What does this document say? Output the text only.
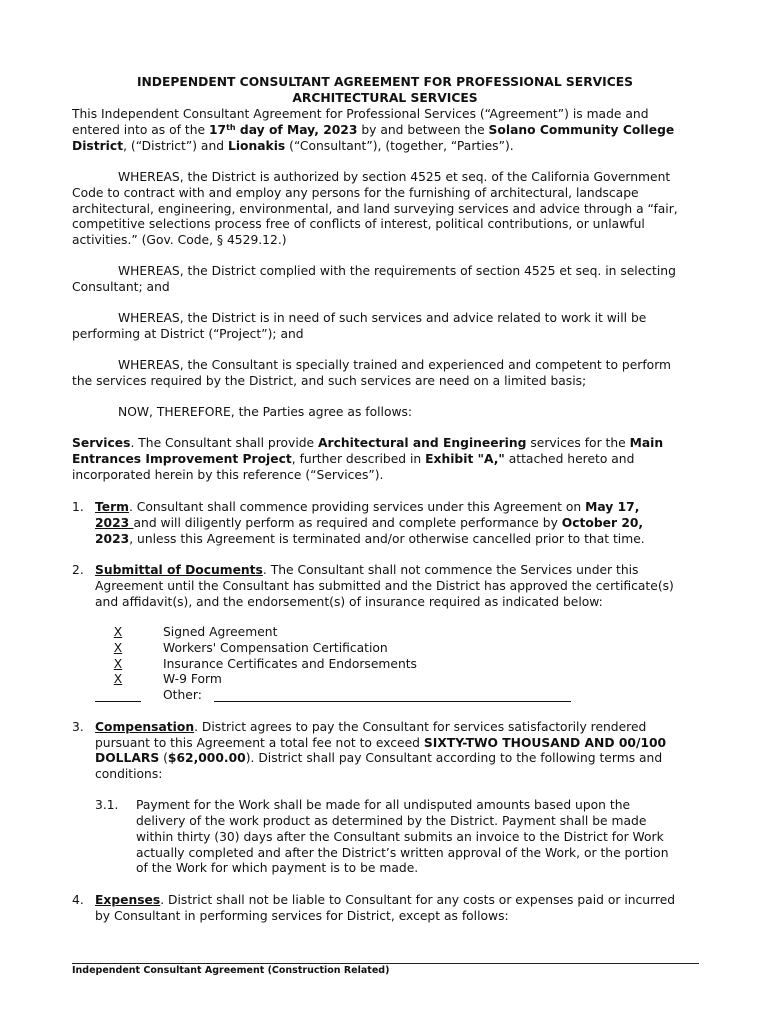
INDEPENDENT CONSULTANT AGREEMENT FOR PROFESSIONAL SERVICES
ARCHITECTURAL SERVICES
This Independent Consultant Agreement for Professional Services (“Agreement”) is made and
entered into as of the 17th day of May, 2023 by and between the Solano Community College
District, (“District”) and Lionakis (“Consultant”), (together, “Parties”).
WHEREAS, the District is authorized by section 4525 et seq. of the California Government
Code to contract with and employ any persons for the furnishing of architectural, landscape
architectural, engineering, environmental, and land surveying services and advice through a “fair,
competitive selections process free of conflicts of interest, political contributions, or unlawful
activities.” (Gov. Code, § 4529.12.)
WHEREAS, the District complied with the requirements of section 4525 et seq. in selecting
Consultant; and
WHEREAS, the District is in need of such services and advice related to work it will be
performing at District (“Project”); and
WHEREAS, the Consultant is specially trained and experienced and competent to perform
the services required by the District, and such services are need on a limited basis;
NOW, THEREFORE, the Parties agree as follows:
Services. The Consultant shall provide Architectural and Engineering services for the Main
Entrances Improvement Project, further described in Exhibit "A," attached hereto and
incorporated herein by this reference (“Services”).
1. Term. Consultant shall commence providing services under this Agreement on May 17,
2023 and will diligently perform as required and complete performance by October 20,
2023, unless this Agreement is terminated and/or otherwise cancelled prior to that time.
2. Submittal of Documents. The Consultant shall not commence the Services under this
Agreement until the Consultant has submitted and the District has approved the certificate(s)
and affidavit(s), and the endorsement(s) of insurance required as indicated below:
X	Signed Agreement
X	Workers' Compensation Certification
X	Insurance Certificates and Endorsements
X	W-9 Form
Other:
3. Compensation. District agrees to pay the Consultant for services satisfactorily rendered
pursuant to this Agreement a total fee not to exceed SIXTY-TWO THOUSAND AND 00/100
DOLLARS ($62,000.00). District shall pay Consultant according to the following terms and
conditions:
3.1. Payment for the Work shall be made for all undisputed amounts based upon the
delivery of the work product as determined by the District. Payment shall be made
within thirty (30) days after the Consultant submits an invoice to the District for Work
actually completed and after the District’s written approval of the Work, or the portion
of the Work for which payment is to be made.
4. Expenses. District shall not be liable to Consultant for any costs or expenses paid or incurred
by Consultant in performing services for District, except as follows:
Independent Consultant Agreement (Construction Related)
